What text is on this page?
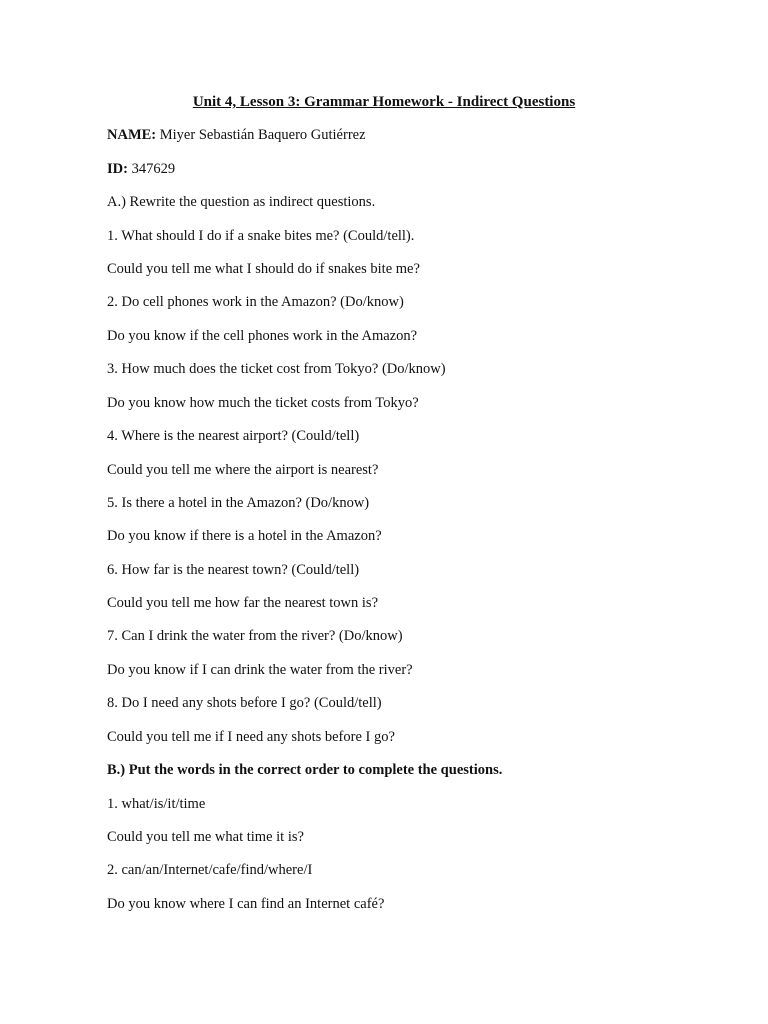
Unit 4, Lesson 3: Grammar Homework - Indirect Questions
NAME: Miyer Sebastián Baquero Gutiérrez
ID: 347629
A.) Rewrite the question as indirect questions.
1. What should I do if a snake bites me? (Could/tell).
Could you tell me what I should do if snakes bite me?
2. Do cell phones work in the Amazon? (Do/know)
Do you know if the cell phones work in the Amazon?
3. How much does the ticket cost from Tokyo? (Do/know)
Do you know how much the ticket costs from Tokyo?
4. Where is the nearest airport? (Could/tell)
Could you tell me where the airport is nearest?
5. Is there a hotel in the Amazon? (Do/know)
Do you know if there is a hotel in the Amazon?
6. How far is the nearest town? (Could/tell)
Could you tell me how far the nearest town is?
7. Can I drink the water from the river? (Do/know)
Do you know if I can drink the water from the river?
8. Do I need any shots before I go? (Could/tell)
Could you tell me if I need any shots before I go?
B.) Put the words in the correct order to complete the questions.
1. what/is/it/time
Could you tell me what time it is?
2. can/an/Internet/cafe/find/where/I
Do you know where I can find an Internet café?
